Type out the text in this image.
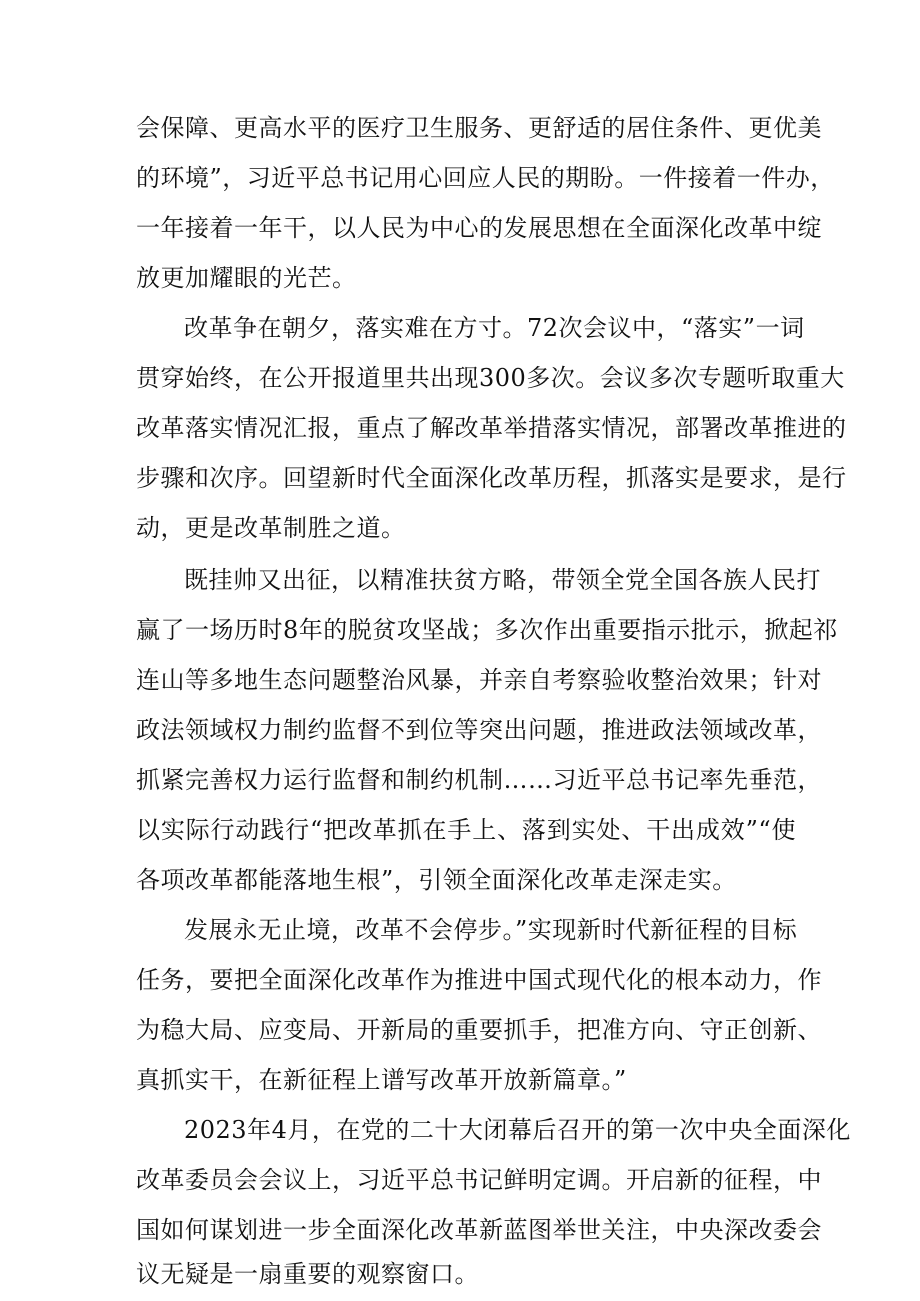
会保障、更高水平的医疗卫生服务、更舒适的居住条件、更优美
的环境”，习近平总书记用心回应人民的期盼。一件接着一件办，
一年接着一年干，以人民为中心的发展思想在全面深化改革中绽
放更加耀眼的光芒。
改革争在朝夕，落实难在方寸。72次会议中，“落实”一词
贯穿始终，在公开报道里共出现300多次。会议多次专题听取重大
改革落实情况汇报，重点了解改革举措落实情况，部署改革推进的
步骤和次序。回望新时代全面深化改革历程，抓落实是要求，是行
动，更是改革制胜之道。
既挂帅又出征，以精准扶贫方略，带领全党全国各族人民打
赢了一场历时8年的脱贫攻坚战；多次作出重要指示批示，掀起祁
连山等多地生态问题整治风暴，并亲自考察验收整治效果；针对
政法领域权力制约监督不到位等突出问题，推进政法领域改革，
抓紧完善权力运行监督和制约机制……习近平总书记率先垂范，
以实际行动践行“把改革抓在手上、落到实处、干出成效”“使
各项改革都能落地生根”，引领全面深化改革走深走实。
发展永无止境，改革不会停步。”实现新时代新征程的目标
任务，要把全面深化改革作为推进中国式现代化的根本动力，作
为稳大局、应变局、开新局的重要抓手，把准方向、守正创新、
真抓实干，在新征程上谱写改革开放新篇章。”
2023年4月，在党的二十大闭幕后召开的第一次中央全面深化
改革委员会会议上，习近平总书记鲜明定调。开启新的征程，中
国如何谋划进一步全面深化改革新蓝图举世关注，中央深改委会
议无疑是一扇重要的观察窗口。
